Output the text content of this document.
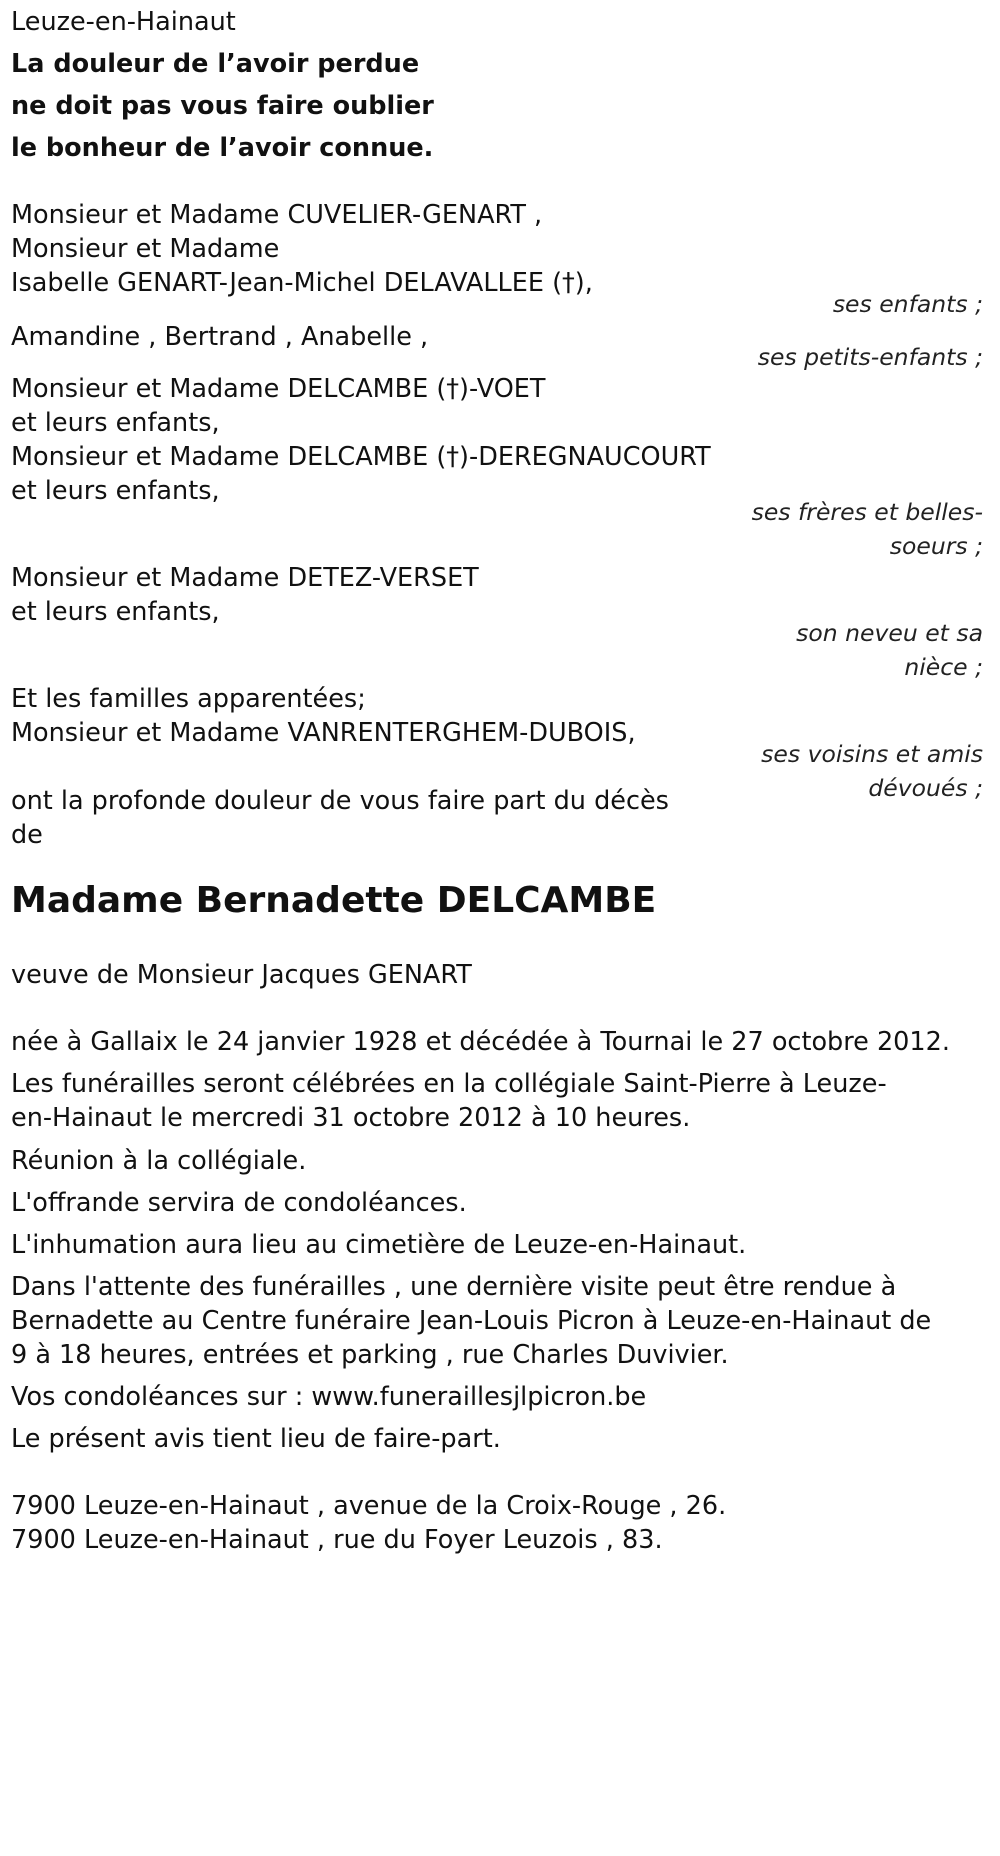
Leuze-en-Hainaut
La douleur de l’avoir perdue
ne doit pas vous faire oublier
le bonheur de l’avoir connue.
Monsieur et Madame CUVELIER-GENART ,
Monsieur et Madame
Isabelle GENART-Jean-Michel DELAVALLEE (†),
ses enfants ;
Amandine , Bertrand , Anabelle ,
ses petits-enfants ;
Monsieur et Madame DELCAMBE (†)-VOET
et leurs enfants,
Monsieur et Madame DELCAMBE (†)-DEREGNAUCOURT
et leurs enfants,
ses frères et belles-
soeurs ;
Monsieur et Madame DETEZ-VERSET
et leurs enfants,
son neveu et sa
nièce ;
Et les familles apparentées;
Monsieur et Madame VANRENTERGHEM-DUBOIS,
ses voisins et amis
dévoués ;
ont la profonde douleur de vous faire part du décès
de
Madame Bernadette DELCAMBE
veuve de Monsieur Jacques GENART
née à Gallaix le 24 janvier 1928 et décédée à Tournai le 27 octobre 2012.
Les funérailles seront célébrées en la collégiale Saint-Pierre à Leuze-
en-Hainaut le mercredi 31 octobre 2012 à 10 heures.
Réunion à la collégiale.
L'offrande servira de condoléances.
L'inhumation aura lieu au cimetière de Leuze-en-Hainaut.
Dans l'attente des funérailles , une dernière visite peut être rendue à
Bernadette au Centre funéraire Jean-Louis Picron à Leuze-en-Hainaut de
9 à 18 heures, entrées et parking , rue Charles Duvivier.
Vos condoléances sur : www.funeraillesjlpicron.be
Le présent avis tient lieu de faire-part.
7900 Leuze-en-Hainaut , avenue de la Croix-Rouge , 26.
7900 Leuze-en-Hainaut , rue du Foyer Leuzois , 83.
